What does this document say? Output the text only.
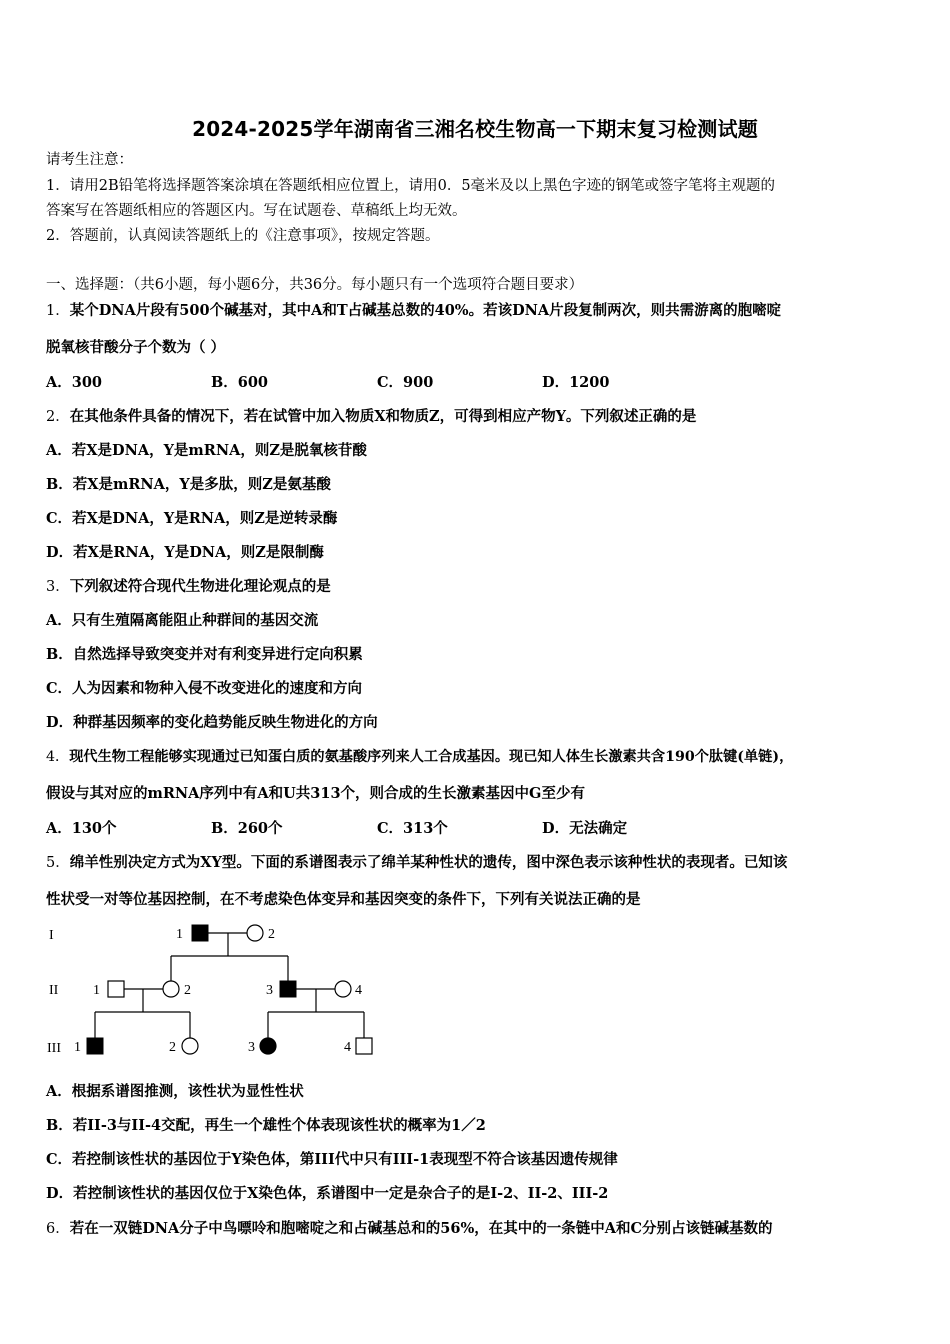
2024-2025学年湖南省三湘名校生物高一下期末复习检测试题
请考生注意：
1．请用2B铅笔将选择题答案涂填在答题纸相应位置上，请用0．5毫米及以上黑色字迹的钢笔或签字笔将主观题的
答案写在答题纸相应的答题区内。写在试题卷、草稿纸上均无效。
2．答题前，认真阅读答题纸上的《注意事项》，按规定答题。
一、选择题：（共6小题，每小题6分，共36分。每小题只有一个选项符合题目要求）
1．某个DNA片段有500个碱基对，其中A和T占碱基总数的40%。若该DNA片段复制两次，则共需游离的胞嘧啶
脱氧核苷酸分子个数为（ ）
A．300	B．600	C．900	D．1200
2．在其他条件具备的情况下，若在试管中加入物质X和物质Z，可得到相应产物Y。下列叙述正确的是
A．若X是DNA，Y是mRNA，则Z是脱氧核苷酸
B．若X是mRNA，Y是多肽，则Z是氨基酸
C．若X是DNA，Y是RNA，则Z是逆转录酶
D．若X是RNA，Y是DNA，则Z是限制酶
3．下列叙述符合现代生物进化理论观点的是
A．只有生殖隔离能阻止种群间的基因交流
B．自然选择导致突变并对有利变异进行定向积累
C．人为因素和物种入侵不改变进化的速度和方向
D．种群基因频率的变化趋势能反映生物进化的方向
4．现代生物工程能够实现通过已知蛋白质的氨基酸序列来人工合成基因。现已知人体生长激素共含190个肽键(单链)，
假设与其对应的mRNA序列中有A和U共313个，则合成的生长激素基因中G至少有
A．130个	B．260个	C．313个	D．无法确定
5．绵羊性别决定方式为XY型。下面的系谱图表示了绵羊某种性状的遗传，图中深色表示该种性状的表现者。已知该
性状受一对等位基因控制，在不考虑染色体变异和基因突变的条件下，下列有关说法正确的是
I
II
III
1	2
1	2	3	4
1	2	3	4
A．根据系谱图推测，该性状为显性性状
B．若II-3与II-4交配，再生一个雄性个体表现该性状的概率为1／2
C．若控制该性状的基因位于Y染色体，第III代中只有III-1表现型不符合该基因遗传规律
D．若控制该性状的基因仅位于X染色体，系谱图中一定是杂合子的是I-2、II-2、III-2
6．若在一双链DNA分子中鸟嘌呤和胞嘧啶之和占碱基总和的56%，在其中的一条链中A和C分别占该链碱基数的
